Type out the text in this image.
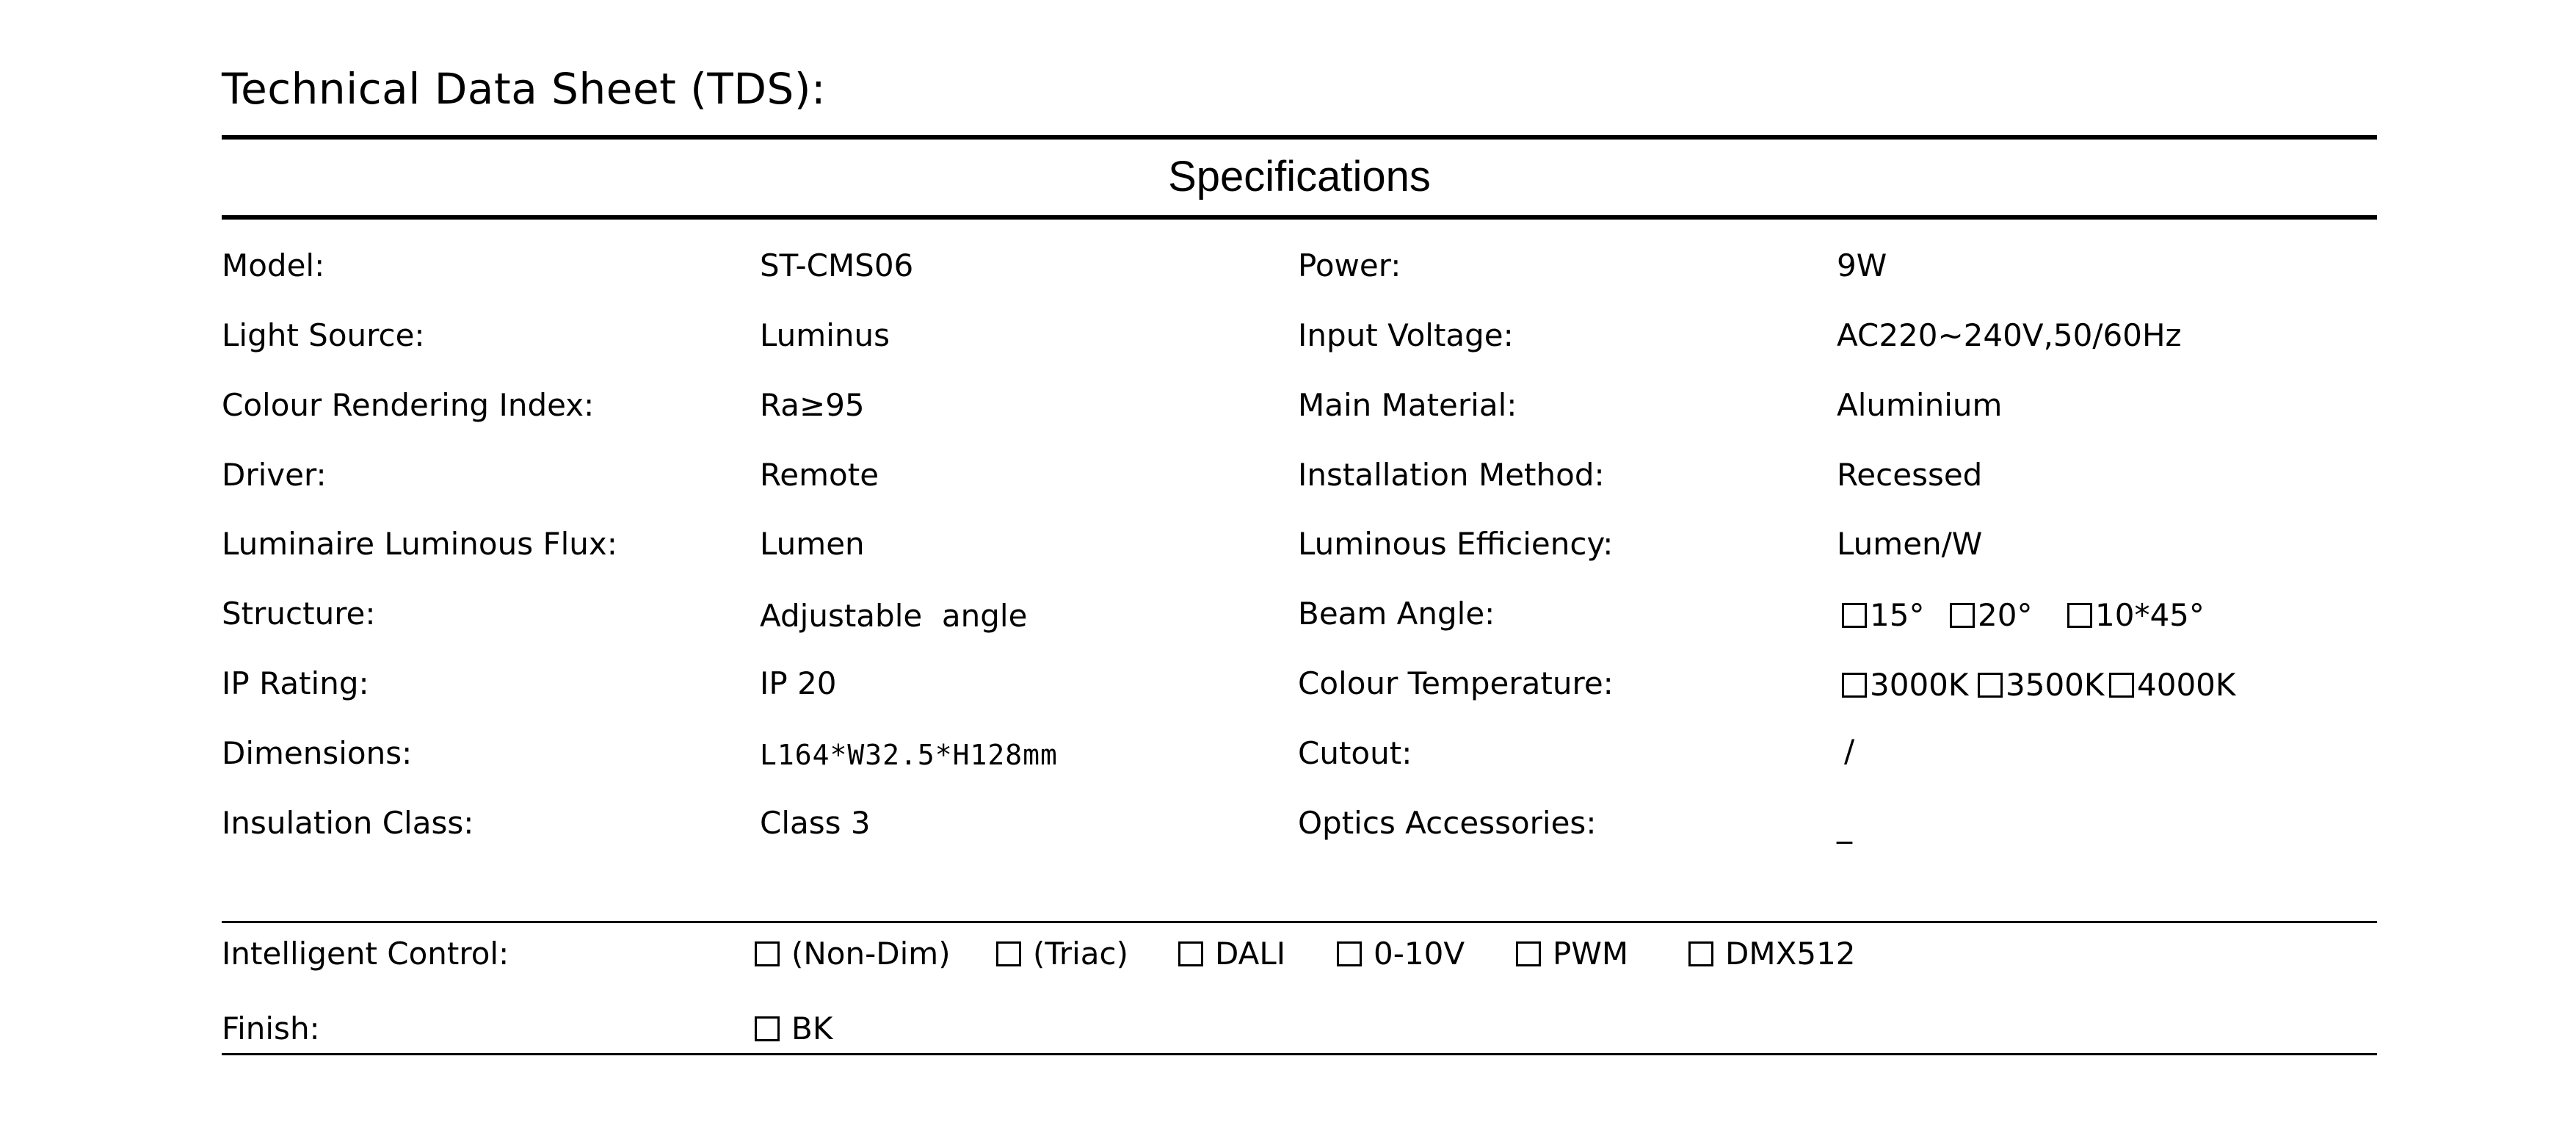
Technical Data Sheet (TDS):
Specifications
Model:	ST-CMS06	Power:	9W
Light Source:	Luminus	Input Voltage:	AC220~240V,50/60Hz
Colour Rendering Index:	Ra≥95	Main Material:	Aluminium
Driver:	Remote	Installation Method:	Recessed
Luminaire Luminous Flux:	Lumen	Luminous Efficiency:	Lumen/W
Structure:	Adjustable  angle	Beam Angle:	15° 20° 10*45°
IP Rating:	IP 20	Colour Temperature:	3000K 3500K 4000K
Dimensions:	L164*W32.5*H128mm	Cutout:	/
Insulation Class:	Class 3	Optics Accessories:	_
Intelligent Control:	(Non-Dim)	(Triac)	DALI	0-10V	PWM	DMX512
Finish:	BK
